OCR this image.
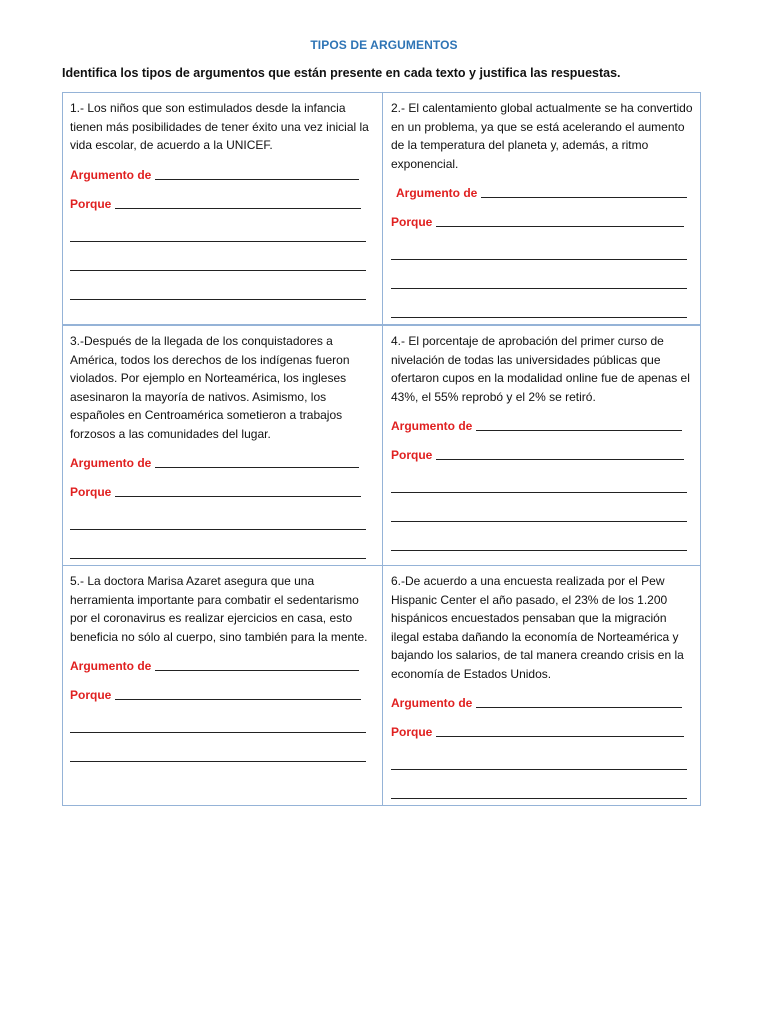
TIPOS DE ARGUMENTOS
Identifica los tipos de argumentos que están presente en cada texto y justifica las respuestas.

1.- Los niños que son estimulados desde la infancia tienen más posibilidades de tener éxito una vez inicial la vida escolar, de acuerdo a la UNICEF.

Argumento de
Porque

2.- El calentamiento global actualmente se ha convertido en un problema, ya que se está acelerando el aumento de la temperatura del planeta y, además, a ritmo exponencial.

Argumento de
Porque

3.-Después de la llegada de los conquistadores a América, todos los derechos de los indígenas fueron violados. Por ejemplo en Norteamérica, los ingleses asesinaron la mayoría de nativos. Asimismo, los españoles en Centroamérica sometieron a trabajos forzosos a las comunidades del lugar.

Argumento de
Porque

4.- El porcentaje de aprobación del primer curso de nivelación de todas las universidades públicas que ofertaron cupos en la modalidad online fue de apenas el 43%, el 55% reprobó y el 2% se retiró.

Argumento de
Porque

5.- La doctora Marisa Azaret asegura que una herramienta importante para combatir el sedentarismo por el coronavirus es realizar ejercicios en casa, esto beneficia no sólo al cuerpo, sino también para la mente.

Argumento de
Porque

6.-De acuerdo a una encuesta realizada por el Pew Hispanic Center el año pasado, el 23% de los 1.200 hispánicos encuestados pensaban que la migración ilegal estaba dañando la economía de Norteamérica y bajando los salarios, de tal manera creando crisis en la economía de Estados Unidos.

Argumento de
Porque
